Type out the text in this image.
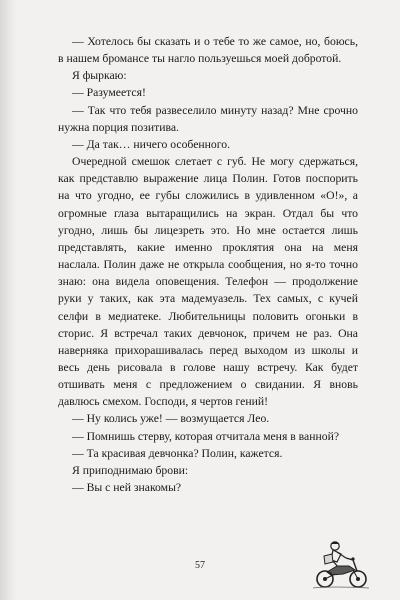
— Хотелось бы сказать и о тебе то же самое, но, боюсь, в нашем бромансе ты нагло пользуешься моей добротой.

Я фыркаю:

— Разумеется!

— Так что тебя развеселило минуту назад? Мне срочно нужна порция позитива.

— Да так… ничего особенного.

Очередной смешок слетает с губ. Не могу сдержаться, как представлю выражение лица Полин. Готов поспорить на что угодно, ее губы сложились в удивленном «О!», а огромные глаза вытаращились на экран. Отдал бы что угодно, лишь бы лицезреть это. Но мне остается лишь представлять, какие именно проклятия она на меня наслала. Полин даже не открыла сообщения, но я-то точно знаю: она видела оповещения. Телефон — продолжение руки у таких, как эта мадемуазель. Тех самых, с кучей селфи в медиатеке. Любительницы половить огоньки в сторис. Я встречал таких девчонок, причем не раз. Она наверняка прихорашивалась перед выходом из школы и весь день рисовала в голове нашу встречу. Как будет отшивать меня с предложением о свидании. Я вновь давлюсь смехом. Господи, я чертов гений!

— Ну колись уже! — возмущается Лео.

— Помнишь стерву, которая отчитала меня в ванной?

— Та красивая девчонка? Полин, кажется.

Я приподнимаю брови:

— Вы с ней знакомы?

57
